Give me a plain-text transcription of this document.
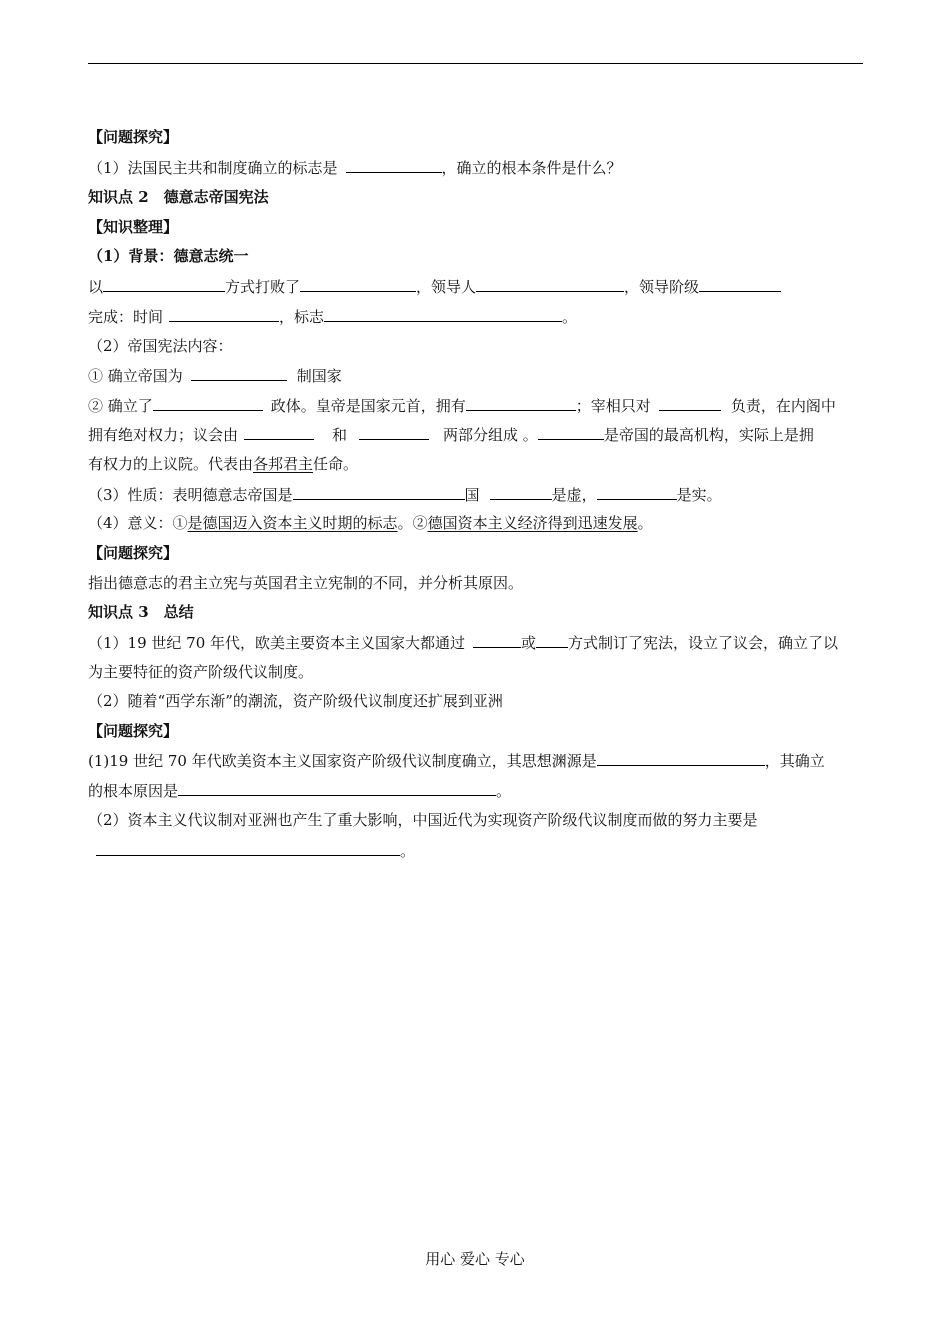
【问题探究】
（1）法国民主共和制度确立的标志是	，确立的根本条件是什么？
知识点 2　德意志帝国宪法
【知识整理】
（1）背景：德意志统一
以	方式打败了	，领导人	，领导阶级
完成：时间	，标志	。
（2）帝国宪法内容：
① 确立帝国为	制国家
② 确立了	政体。皇帝是国家元首，拥有	；宰相只对	负责，在内阁中
拥有绝对权力；议会由	和	两部分组成 。	是帝国的最高机构，实际上是拥
有权力的上议院。代表由各邦君主任命。
（3）性质：表明德意志帝国是	国	是虚，	是实。
（4）意义：①是德国迈入资本主义时期的标志。②德国资本主义经济得到迅速发展。
【问题探究】
指出德意志的君主立宪与英国君主立宪制的不同，并分析其原因。
知识点 3　总结
（1）19 世纪 70 年代，欧美主要资本主义国家大都通过	或 方式制订了宪法，设立了议会，确立了以
为主要特征的资产阶级代议制度。
（2）随着“西学东渐”的潮流，资产阶级代议制度还扩展到亚洲
【问题探究】
(1)19 世纪 70 年代欧美资本主义国家资产阶级代议制度确立，其思想渊源是	，其确立
的根本原因是	。
（2）资本主义代议制对亚洲也产生了重大影响，中国近代为实现资产阶级代议制度而做的努力主要是
。
用心 爱心 专心
